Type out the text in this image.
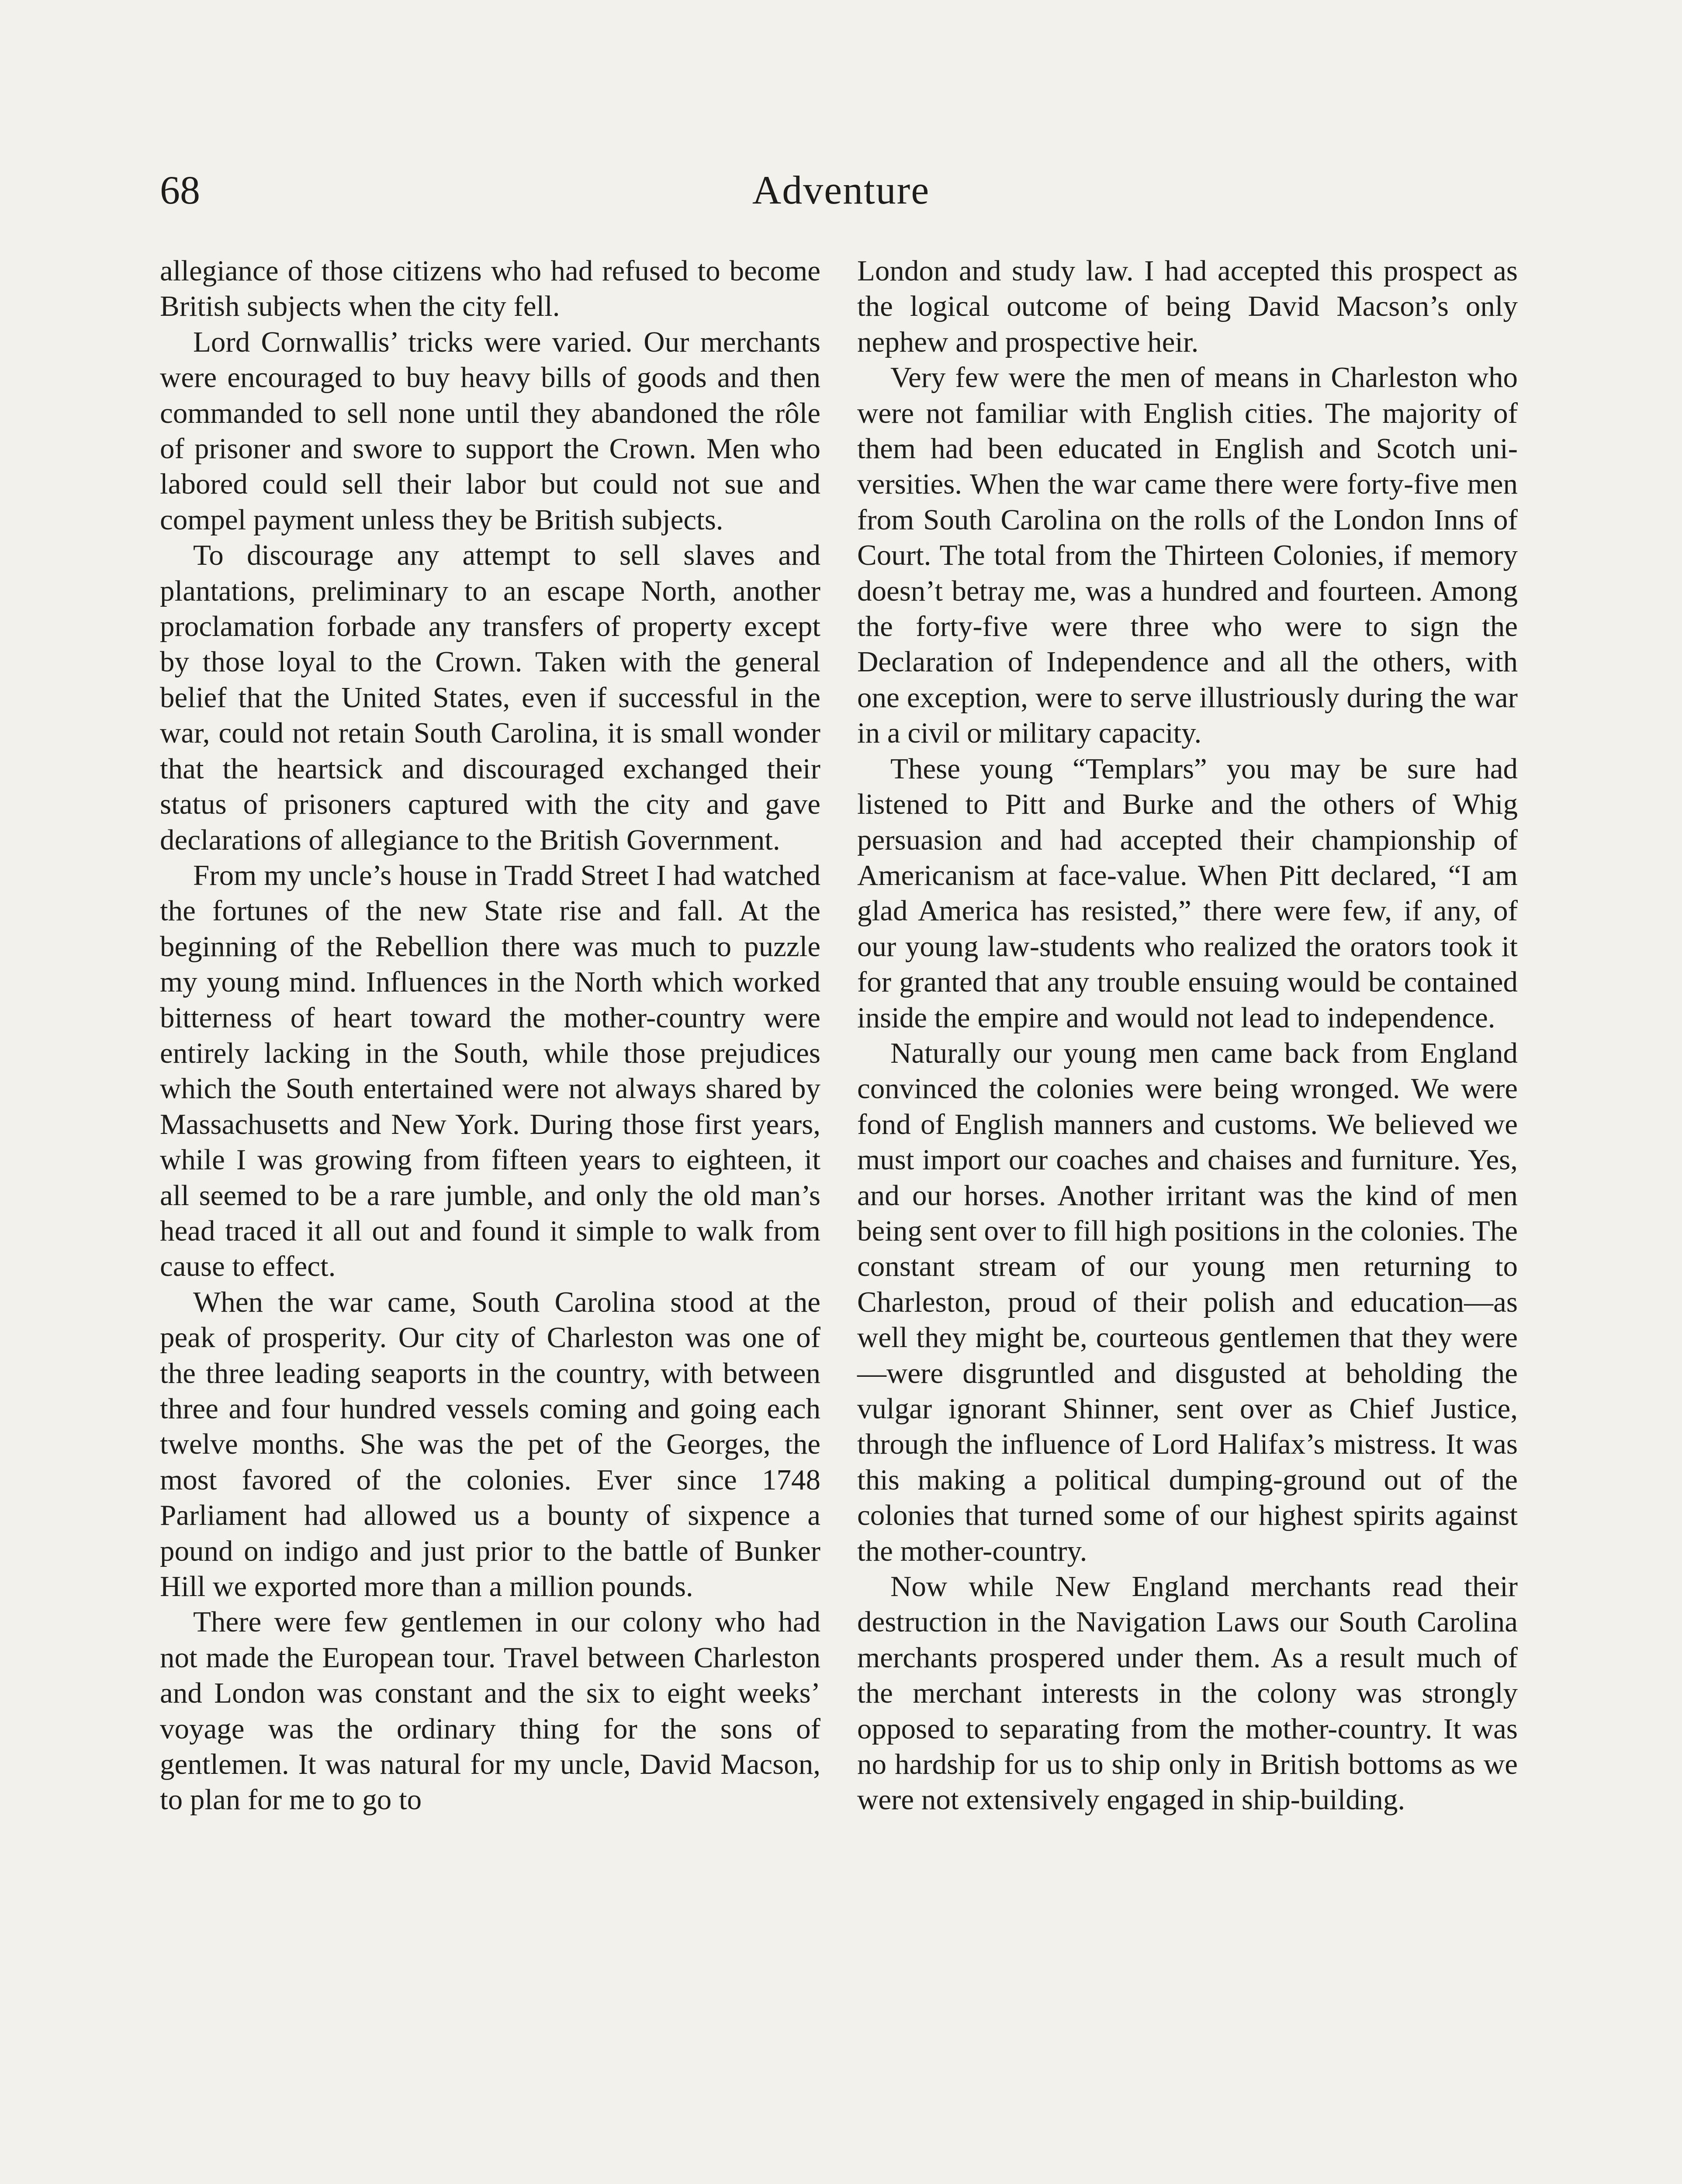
68	Adventure

allegiance of those citizens who had refused to become British subjects when the city fell.

Lord Cornwallis’ tricks were varied. Our merchants were encouraged to buy heavy bills of goods and then commanded to sell none until they abandoned the rôle of prisoner and swore to support the Crown. Men who labored could sell their labor but could not sue and compel payment unless they be British subjects.

To discourage any attempt to sell slaves and plantations, preliminary to an escape North, another proclamation forbade any transfers of property except by those loyal to the Crown. Taken with the general belief that the United States, even if successful in the war, could not retain South Carolina, it is small wonder that the heartsick and discouraged exchanged their status of prisoners captured with the city and gave declarations of allegiance to the British Government.

From my uncle’s house in Tradd Street I had watched the fortunes of the new State rise and fall. At the beginning of the Rebellion there was much to puzzle my young mind. Influences in the North which worked bitterness of heart toward the mother-country were entirely lacking in the South, while those prejudices which the South entertained were not always shared by Massachusetts and New York. During those first years, while I was growing from fifteen years to eighteen, it all seemed to be a rare jumble, and only the old man’s head traced it all out and found it simple to walk from cause to effect.

When the war came, South Carolina stood at the peak of prosperity. Our city of Charleston was one of the three leading seaports in the country, with between three and four hundred vessels coming and going each twelve months. She was the pet of the Georges, the most favored of the colonies. Ever since 1748 Parliament had allowed us a bounty of sixpence a pound on indigo and just prior to the battle of Bunker Hill we exported more than a million pounds.

There were few gentlemen in our colony who had not made the European tour. Travel between Charleston and London was constant and the six to eight weeks’ voyage was the ordinary thing for the sons of gentlemen. It was natural for my uncle, David Macson, to plan for me to go to

London and study law. I had accepted this prospect as the logical outcome of being David Macson’s only nephew and prospective heir.

Very few were the men of means in Charleston who were not familiar with English cities. The majority of them had been educated in English and Scotch universities. When the war came there were forty-five men from South Carolina on the rolls of the London Inns of Court. The total from the Thirteen Colonies, if memory doesn’t betray me, was a hundred and fourteen. Among the forty-five were three who were to sign the Declaration of Independence and all the others, with one exception, were to serve illustriously during the war in a civil or military capacity.

These young “Templars” you may be sure had listened to Pitt and Burke and the others of Whig persuasion and had accepted their championship of Americanism at face-value. When Pitt declared, “I am glad America has resisted,” there were few, if any, of our young law-students who realized the orators took it for granted that any trouble ensuing would be contained inside the empire and would not lead to independence.

Naturally our young men came back from England convinced the colonies were being wronged. We were fond of English manners and customs. We believed we must import our coaches and chaises and furniture. Yes, and our horses. Another irritant was the kind of men being sent over to fill high positions in the colonies. The constant stream of our young men returning to Charleston, proud of their polish and education—as well they might be, courteous gentlemen that they were—were disgruntled and disgusted at beholding the vulgar ignorant Shinner, sent over as Chief Justice, through the influence of Lord Halifax’s mistress. It was this making a political dumping-ground out of the colonies that turned some of our highest spirits against the mother-country.

Now while New England merchants read their destruction in the Navigation Laws our South Carolina merchants prospered under them. As a result much of the merchant interests in the colony was strongly opposed to separating from the mother-country. It was no hardship for us to ship only in British bottoms as we were not extensively engaged in ship-building.
